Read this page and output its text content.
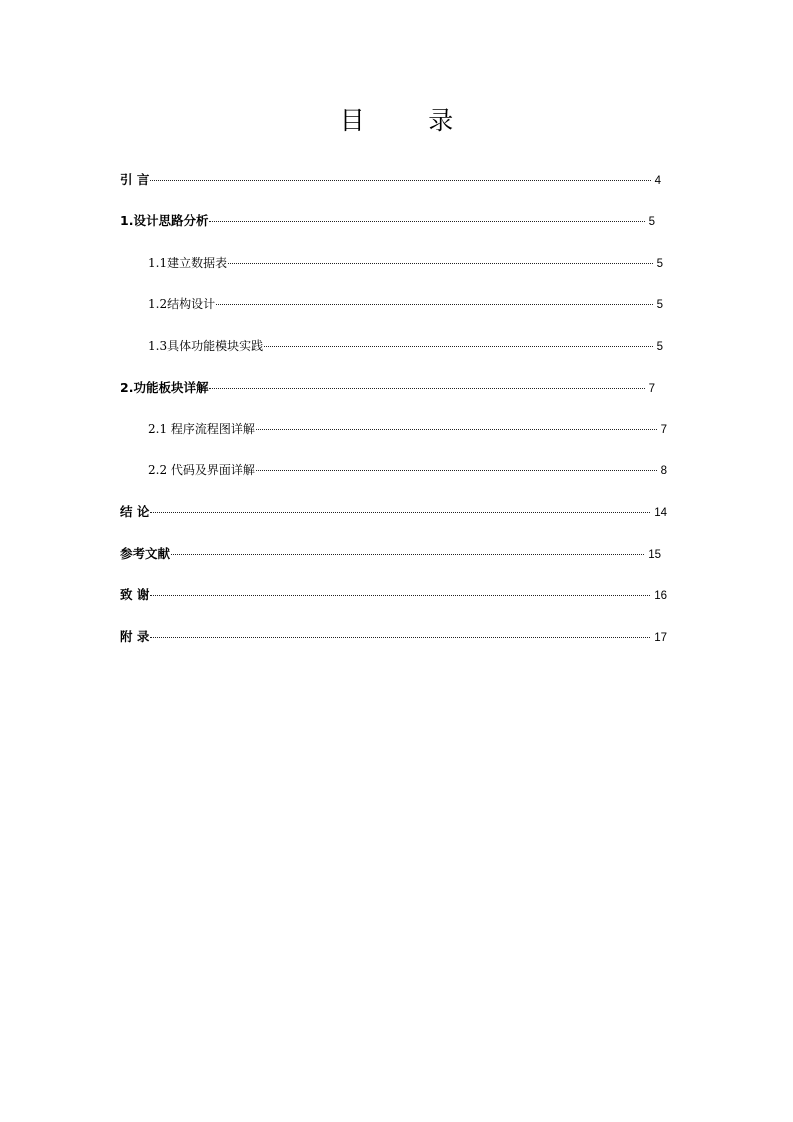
目        录
引 言	4
1.设计思路分析	5
1.1建立数据表	5
1.2结构设计	5
1.3具体功能模块实践	5
2.功能板块详解	7
2.1 程序流程图详解	7
2.2 代码及界面详解	8
结 论	14
参考文献	15
致 谢	16
附 录	17
